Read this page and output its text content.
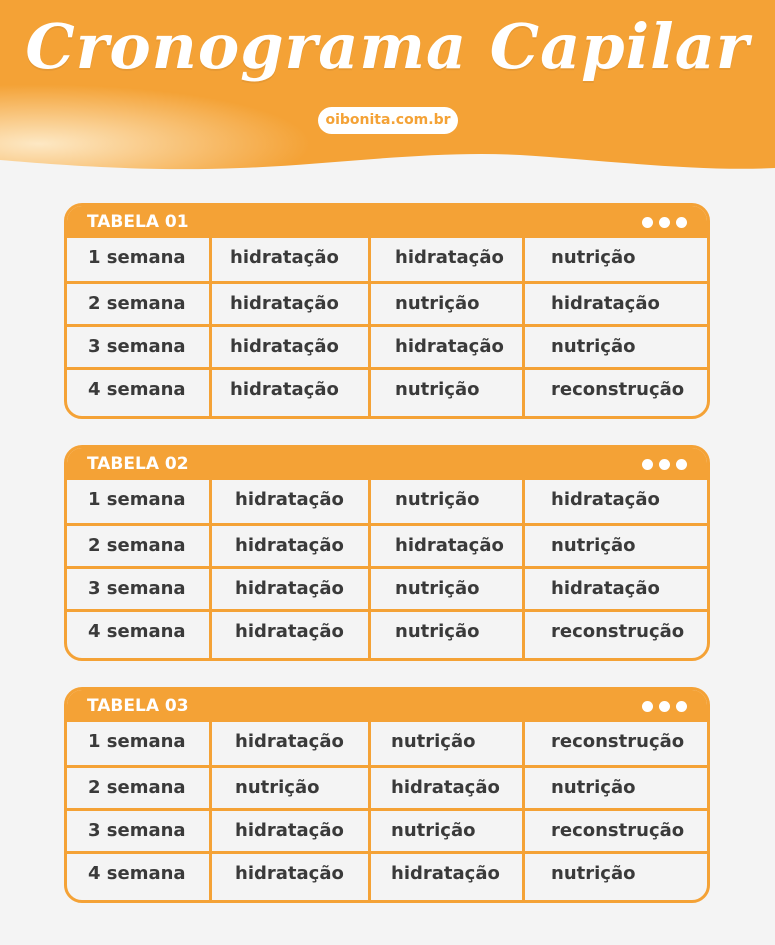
Cronograma Capilar
oibonita.com.br
TABELA 01
1 semana hidratação	hidratação	nutrição
2 semana hidratação	nutrição	hidratação
3 semana hidratação	hidratação	nutrição
4 semana hidratação	nutrição	reconstrução
TABELA 02
1 semana	hidratação	nutrição	hidratação
2 semana	hidratação	hidratação	nutrição
3 semana	hidratação	nutrição	hidratação
4 semana	hidratação	nutrição	reconstrução
TABELA 03
1 semana	hidratação	nutrição	reconstrução
2 semana	nutrição	hidratação	nutrição
3 semana	hidratação	nutrição	reconstrução
4 semana	hidratação	hidratação	nutrição
